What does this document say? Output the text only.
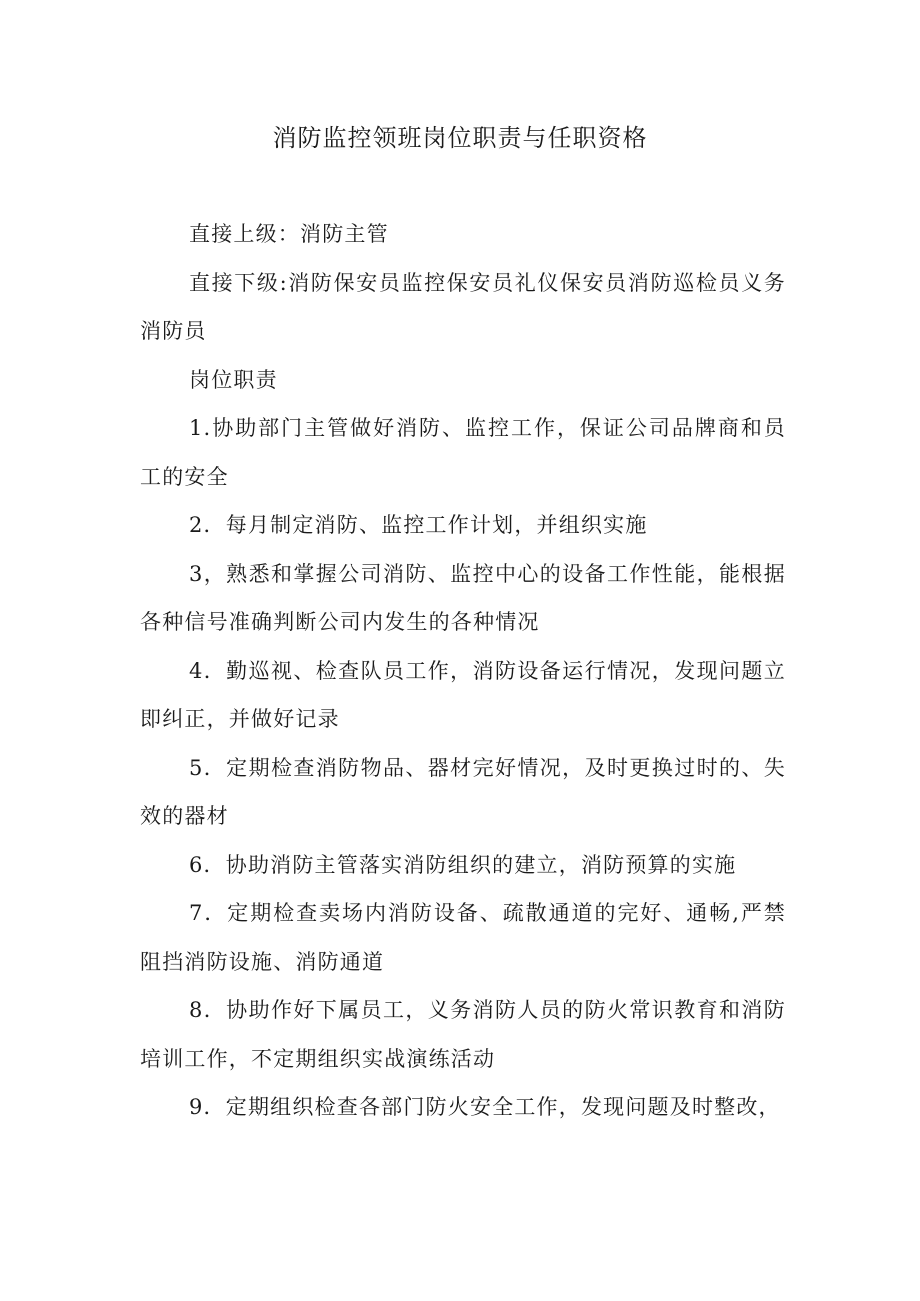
消防监控领班岗位职责与任职资格

直接上级：消防主管

直接下级:消防保安员监控保安员礼仪保安员消防巡检员义务消防员

岗位职责

1.协助部门主管做好消防、监控工作，保证公司品牌商和员工的安全

2．每月制定消防、监控工作计划，并组织实施

3，熟悉和掌握公司消防、监控中心的设备工作性能，能根据各种信号准确判断公司内发生的各种情况

4．勤巡视、检查队员工作，消防设备运行情况，发现问题立即纠正，并做好记录

5．定期检查消防物品、器材完好情况，及时更换过时的、失效的器材

6．协助消防主管落实消防组织的建立，消防预算的实施

7．定期检查卖场内消防设备、疏散通道的完好、通畅,严禁阻挡消防设施、消防通道

8．协助作好下属员工，义务消防人员的防火常识教育和消防培训工作，不定期组织实战演练活动

9．定期组织检查各部门防火安全工作，发现问题及时整改，
